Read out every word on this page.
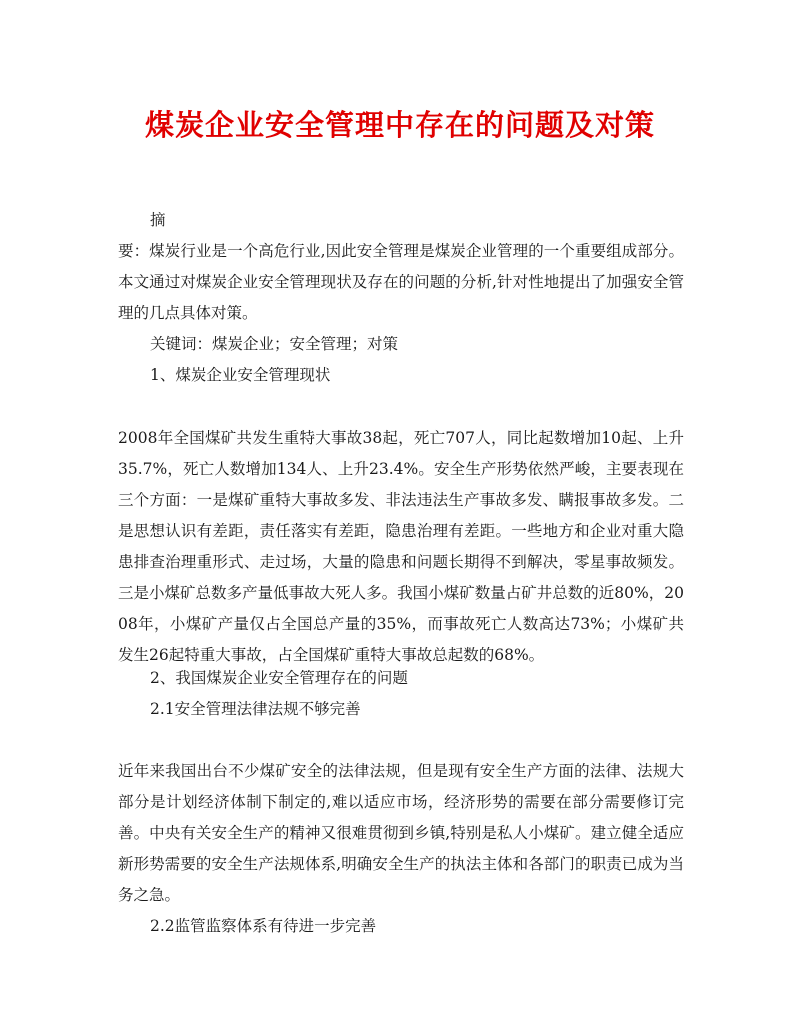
煤炭企业安全管理中存在的问题及对策

摘

要：煤炭行业是一个高危行业,因此安全管理是煤炭企业管理的一个重要组成部分。本文通过对煤炭企业安全管理现状及存在的问题的分析,针对性地提出了加强安全管理的几点具体对策。

关键词：煤炭企业；安全管理；对策

1、煤炭企业安全管理现状

2008年全国煤矿共发生重特大事故38起，死亡707人，同比起数增加10起、上升35.7%，死亡人数增加134人、上升23.4%。安全生产形势依然严峻，主要表现在三个方面：一是煤矿重特大事故多发、非法违法生产事故多发、瞒报事故多发。二是思想认识有差距，责任落实有差距，隐患治理有差距。一些地方和企业对重大隐患排查治理重形式、走过场，大量的隐患和问题长期得不到解决，零星事故频发。三是小煤矿总数多产量低事故大死人多。我国小煤矿数量占矿井总数的近80%，2008年，小煤矿产量仅占全国总产量的35%，而事故死亡人数高达73%；小煤矿共发生26起特重大事故，占全国煤矿重特大事故总起数的68%。

2、我国煤炭企业安全管理存在的问题

2.1安全管理法律法规不够完善

近年来我国出台不少煤矿安全的法律法规，但是现有安全生产方面的法律、法规大部分是计划经济体制下制定的,难以适应市场，经济形势的需要在部分需要修订完善。中央有关安全生产的精神又很难贯彻到乡镇,特别是私人小煤矿。建立健全适应新形势需要的安全生产法规体系,明确安全生产的执法主体和各部门的职责已成为当务之急。

2.2监管监察体系有待进一步完善
